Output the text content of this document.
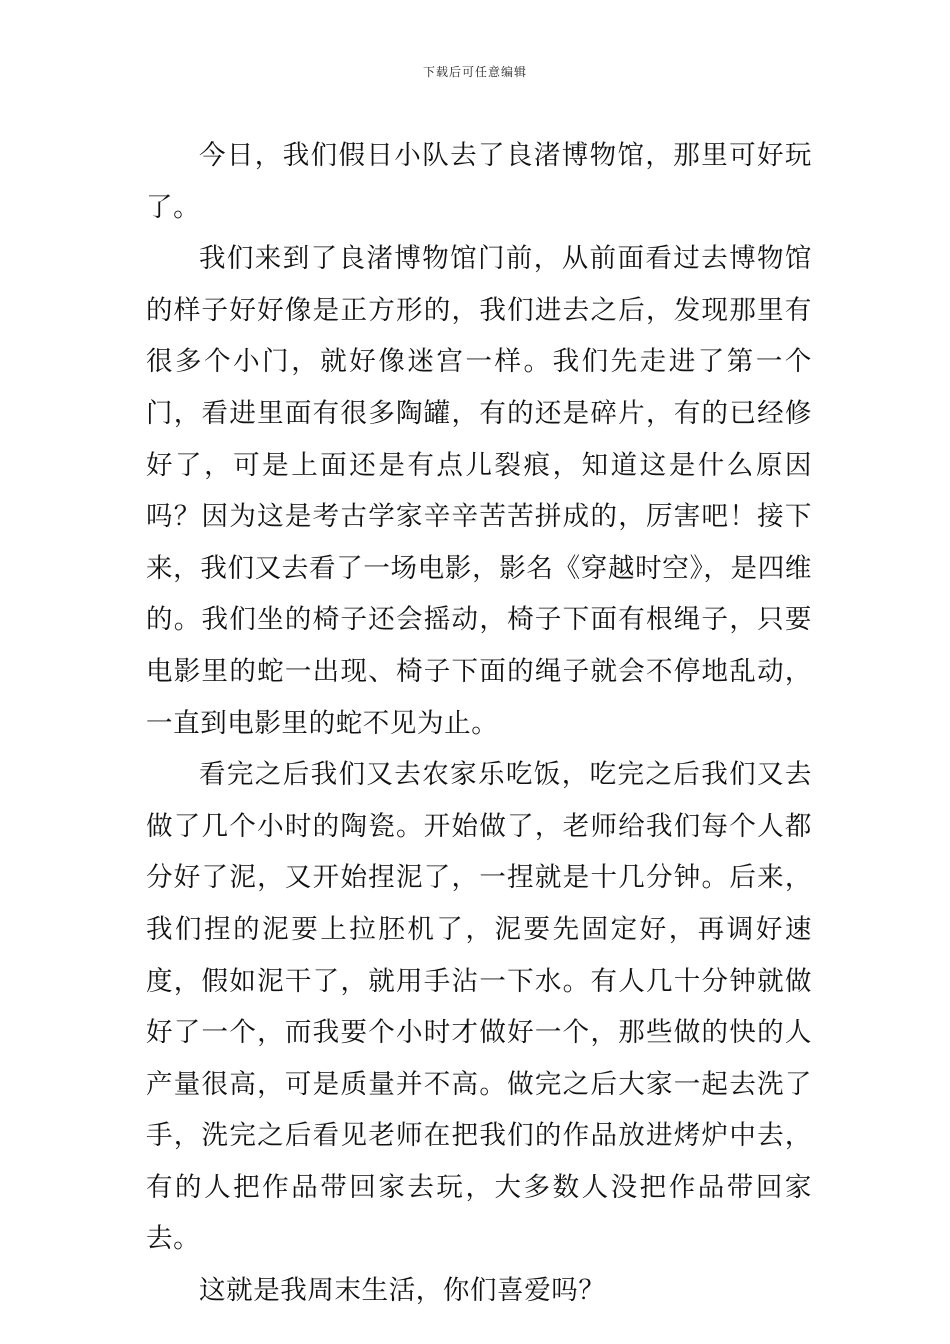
下载后可任意编辑

今日，我们假日小队去了良渚博物馆，那里可好玩了。

我们来到了良渚博物馆门前，从前面看过去博物馆的样子好好像是正方形的，我们进去之后，发现那里有很多个小门，就好像迷宫一样。我们先走进了第一个门，看进里面有很多陶罐，有的还是碎片，有的已经修好了，可是上面还是有点儿裂痕，知道这是什么原因吗？因为这是考古学家辛辛苦苦拼成的，厉害吧！接下来，我们又去看了一场电影，影名《穿越时空》，是四维的。我们坐的椅子还会摇动，椅子下面有根绳子，只要电影里的蛇一出现、椅子下面的绳子就会不停地乱动，一直到电影里的蛇不见为止。

看完之后我们又去农家乐吃饭，吃完之后我们又去做了几个小时的陶瓷。开始做了，老师给我们每个人都分好了泥，又开始捏泥了，一捏就是十几分钟。后来，我们捏的泥要上拉胚机了，泥要先固定好，再调好速度，假如泥干了，就用手沾一下水。有人几十分钟就做好了一个，而我要个小时才做好一个，那些做的快的人产量很高，可是质量并不高。做完之后大家一起去洗了手，洗完之后看见老师在把我们的作品放进烤炉中去，有的人把作品带回家去玩，大多数人没把作品带回家去。

这就是我周末生活，你们喜爱吗？
